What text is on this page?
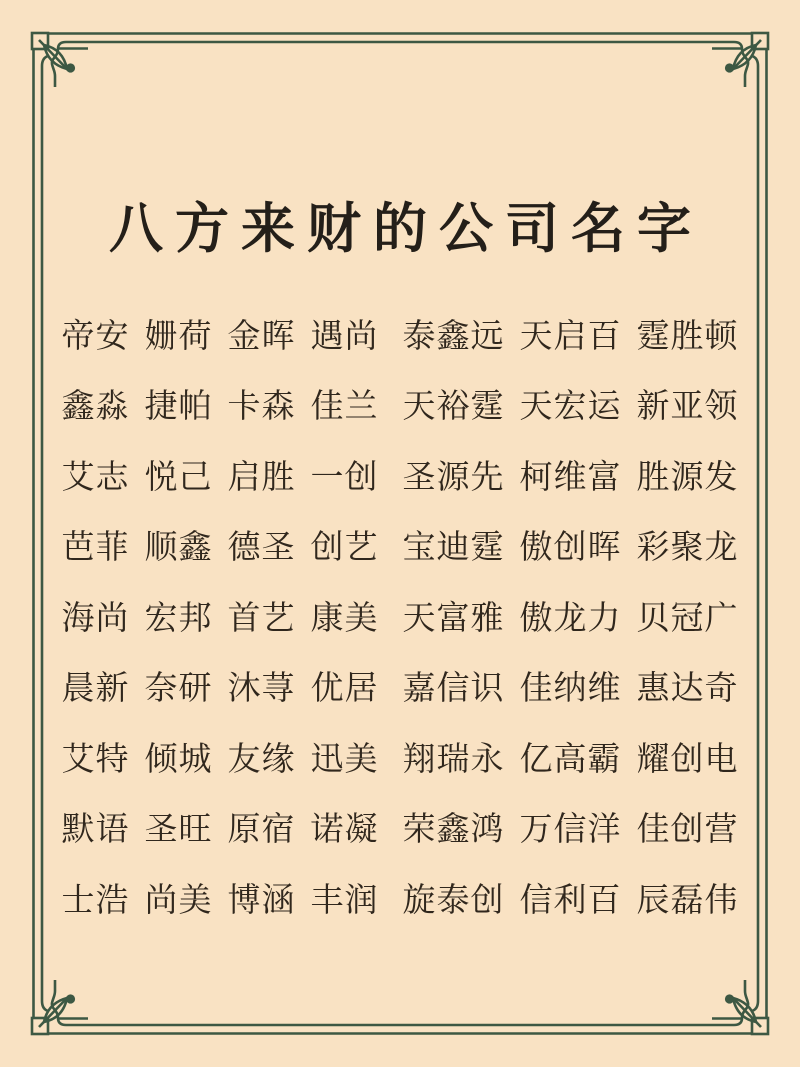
八方来财的公司名字
帝安 姗荷 金晖 遇尚 泰鑫远 天启百 霆胜顿
鑫淼 捷帕 卡森 佳兰 天裕霆 天宏运 新亚领
艾志 悦己 启胜 一创 圣源先 柯维富 胜源发
芭菲 顺鑫 德圣 创艺 宝迪霆 傲创晖 彩聚龙
海尚 宏邦 首艺 康美 天富雅 傲龙力 贝冠广
晨新 奈研 沐荨 优居 嘉信识 佳纳维 惠达奇
艾特 倾城 友缘 迅美 翔瑞永 亿高霸 耀创电
默语 圣旺 原宿 诺凝 荣鑫鸿 万信洋 佳创营
士浩 尚美 博涵 丰润 旋泰创 信利百 辰磊伟
